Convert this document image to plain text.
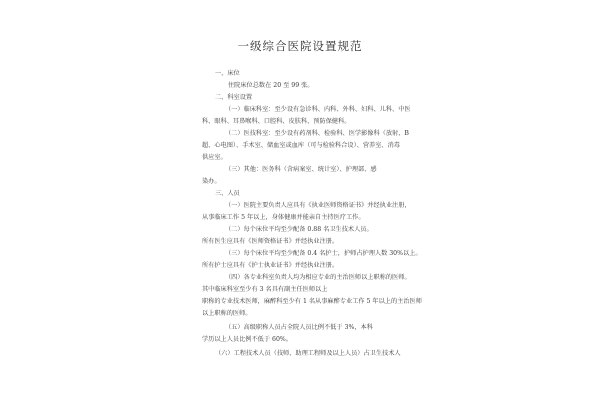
一级综合医院设置规范
一、床位
住院床位总数在 20 至 99 张。
二、科室设置
（一）临床科室：至少设有急诊科、内科、外科、妇科、儿科、中医
科、眼科、耳鼻喉科、口腔科、皮肤科、预防保健科。
（二）医技科室：至少设有药剂科、检验科、医学影像科（放射、B
超、心电图）、手术室、储血室或血库（可与检验科合设）、营养室、消毒
供应室。
（三）其他：医务科（含病案室、统计室）、护理部、感
染办。
三、人员
（一）医院主要负责人应具有《执业医师资格证书》并经执业注册，
从事临床工作 5 年以上，身体健康并能亲自主持医疗工作。
（二）每个床位平均至少配备 0.88 名卫生技术人员。
所有医生应具有《医师资格证书》并经执业注册。
（三）每个床位平均至少配备 0.4 名护士，护师占护理人数 30%以上。
所有护士应具有《护士执业证书》并经执业注册。
（四）各专业科室负责人均为相应专业的主治医师以上职称的医师。
其中临床科室至少有 3 名具有副主任医师以上
职称的专业技术医师，麻醉科至少有 1 名从事麻醉专业工作 5 年以上的主治医师
以上职称的医师。
（五）高级职称人员占全院人员比例不低于 3%，本科
学历以上人员比例不低于 60%。
（六）工程技术人员（技师、助理工程师及以上人员）占卫生技术人
